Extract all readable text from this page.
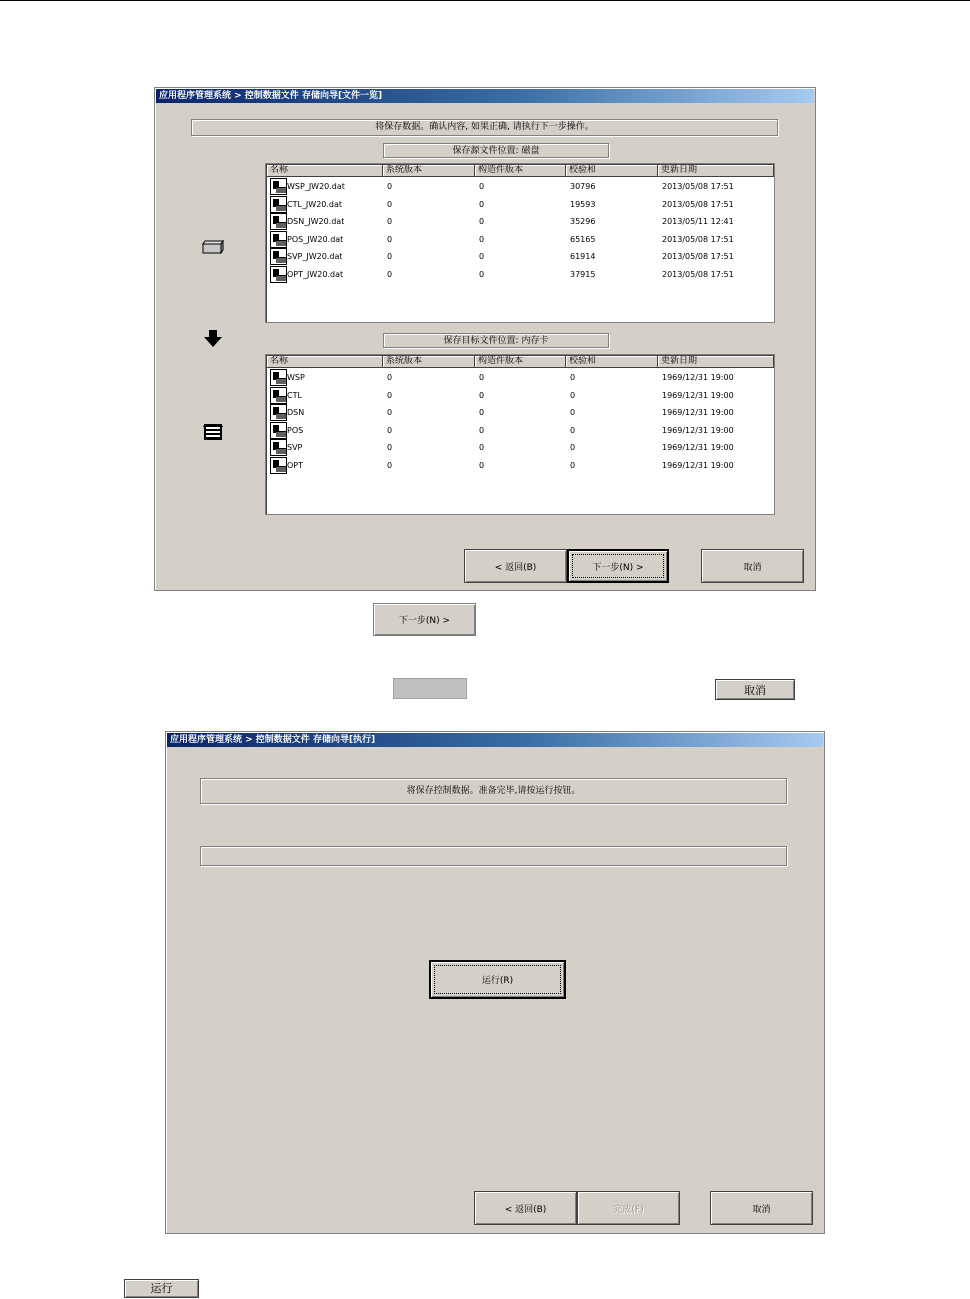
应用程序管理系统 > 控制数据文件 存储向导[文件一览]
将保存数据。确认内容, 如果正确, 请执行下一步操作。
保存源文件位置: 磁盘
名称	系统版本	构造件版本	校验和	更新日期
WSP_JW20.dat	0	0	30796	2013/05/08 17:51
CTL_JW20.dat	0	0	19593	2013/05/08 17:51
DSN_JW20.dat	0	0	35296	2013/05/11 12:41
POS_JW20.dat	0	0	65165	2013/05/08 17:51
SVP_JW20.dat	0	0	61914	2013/05/08 17:51
OPT_JW20.dat	0	0	37915	2013/05/08 17:51
保存目标文件位置: 内存卡
名称	系统版本	构造件版本	校验和	更新日期
WSP	0	0	0	1969/12/31 19:00
CTL	0	0	0	1969/12/31 19:00
DSN	0	0	0	1969/12/31 19:00
POS	0	0	0	1969/12/31 19:00
SVP	0	0	0	1969/12/31 19:00
OPT	0	0	0	1969/12/31 19:00
< 返回(B)	下一步(N) >	取消
下一步(N) >
取消
应用程序管理系统 > 控制数据文件 存储向导[执行]
将保存控制数据。准备完毕,请按运行按钮。
运行(R)
< 返回(B)	完成(F)	取消
运行
